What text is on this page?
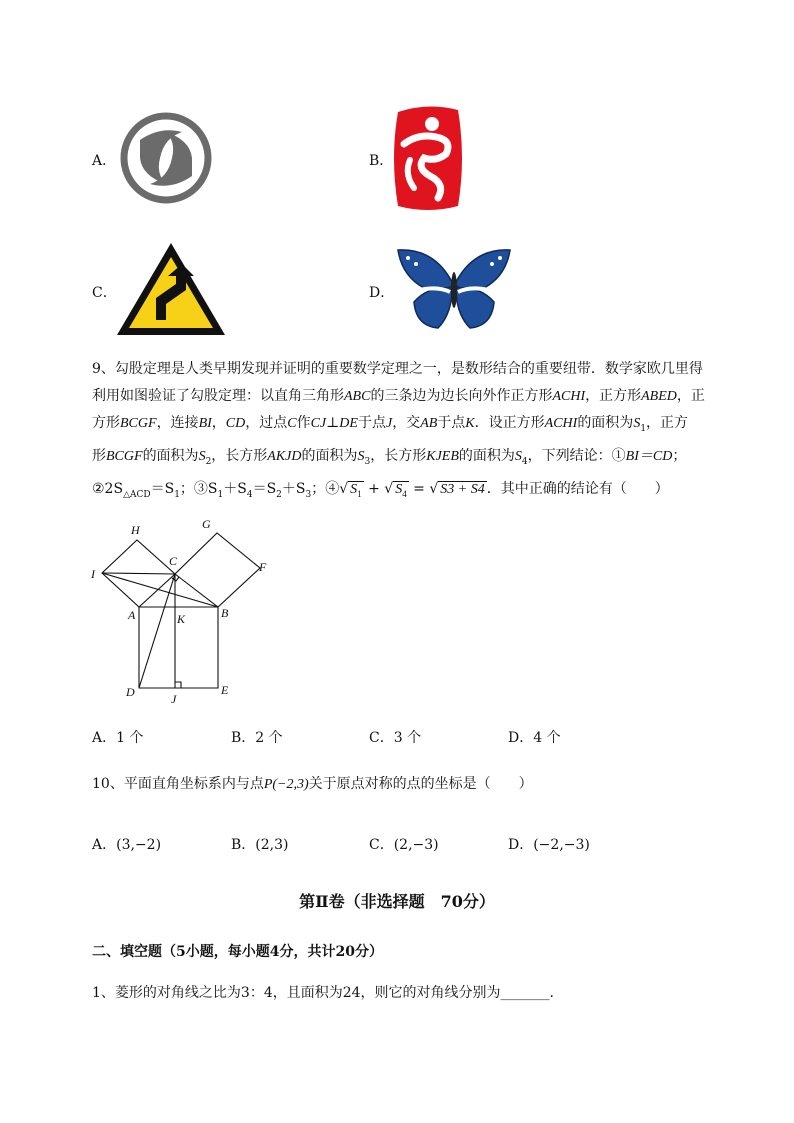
A．	B．
C．	D．
9、勾股定理是人类早期发现并证明的重要数学定理之一，是数形结合的重要纽带．数学家欧几里得
利用如图验证了勾股定理：以直角三角形ABC的三条边为边长向外作正方形ACHI，正方形ABED，正
方形BCGF，连接BI，CD，过点C作CJ⊥DE于点J，交AB于点K．设正方形ACHI的面积为$S_1$，正方
形BCGF的面积为$S_2$，长方形AKJD的面积为$S_3$，长方形KJEB的面积为$S_4$，下列结论：①BI＝CD；
$②2S_{\triangle ACD}=S_1$；$③S_1+S_4=S_2+S_3$；④√ $S_1$ + √ $S_4$ = √ S3 + S4 ．其中正确的结论有（　　）
H	G
C	F
I
A	K	B
D	J
E
A．1 个	B．2 个	C．3 个	D．4 个
10、平面直角坐标系内与点P(−2,3)关于原点对称的点的坐标是（　　）
A．(3,−2)	B．(2,3)	C．(2,−3)	D．(−2,−3)
第Ⅱ卷（非选择题　70分）
二、填空题（5小题，每小题4分，共计20分）
1、菱形的对角线之比为3：4，且面积为24，则它的对角线分别为_______.
